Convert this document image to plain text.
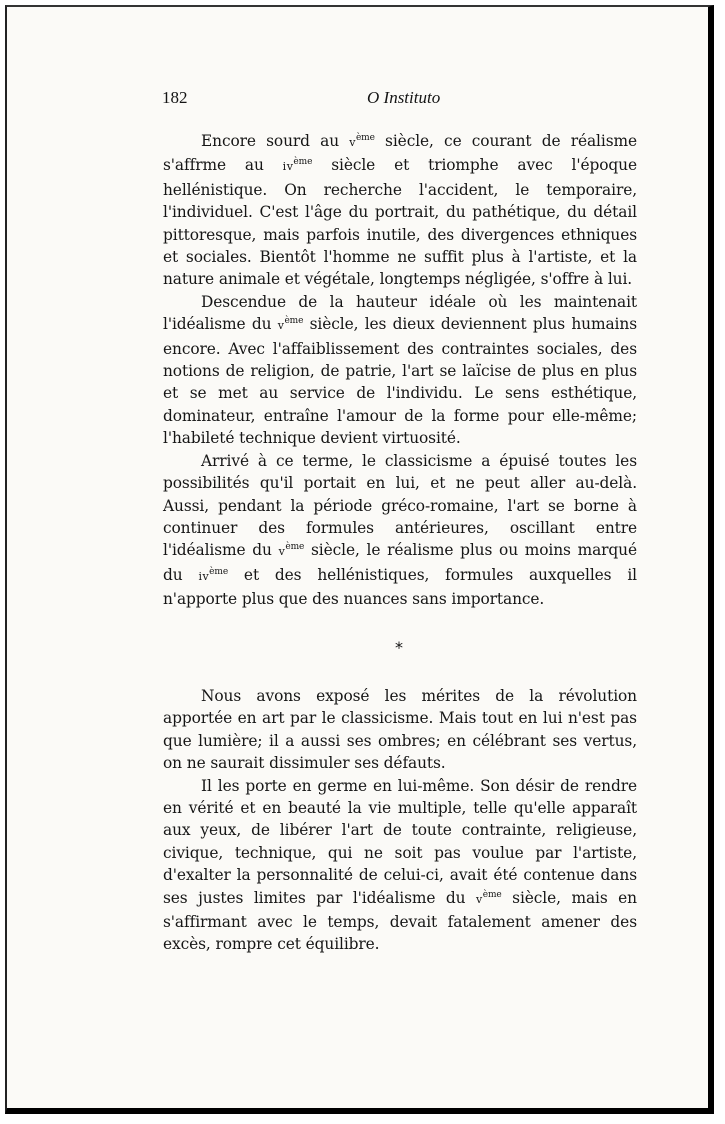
182	O Instituto

Encore sourd au $v^{ème}$ siècle, ce courant de réalisme s'affrme au $iv^{ème}$ siècle et triomphe avec l'époque hellénistique. On recherche l'accident, le temporaire, l'individuel. C'est l'âge du portrait, du pathétique, du détail pittoresque, mais parfois inutile, des divergences ethniques et sociales. Bientôt l'homme ne suffit plus à l'artiste, et la nature animale et végétale, longtemps négligée, s'offre à lui.

Descendue de la hauteur idéale où les maintenait l'idéalisme du $v^{ème}$ siècle, les dieux deviennent plus humains encore. Avec l'affaiblissement des contraintes sociales, des notions de religion, de patrie, l'art se laïcise de plus en plus et se met au service de l'individu. Le sens esthétique, dominateur, entraîne l'amour de la forme pour elle-même; l'habileté technique devient virtuosité.

Arrivé à ce terme, le classicisme a épuisé toutes les possibilités qu'il portait en lui, et ne peut aller au-delà. Aussi, pendant la période gréco-romaine, l'art se borne à continuer des formules antérieures, oscillant entre l'idéalisme du $v^{ème}$ siècle, le réalisme plus ou moins marqué du $iv^{ème}$ et des hellénistiques, formules auxquelles il n'apporte plus que des nuances sans importance.

*

Nous avons exposé les mérites de la révolution apportée en art par le classicisme. Mais tout en lui n'est pas que lumière; il a aussi ses ombres; en célébrant ses vertus, on ne saurait dissimuler ses défauts.

Il les porte en germe en lui-même. Son désir de rendre en vérité et en beauté la vie multiple, telle qu'elle apparaît aux yeux, de libérer l'art de toute contrainte, religieuse, civique, technique, qui ne soit pas voulue par l'artiste, d'exalter la personnalité de celui-ci, avait été contenue dans ses justes limites par l'idéalisme du $v^{ème}$ siècle, mais en s'affirmant avec le temps, devait fatalement amener des excès, rompre cet équilibre.
